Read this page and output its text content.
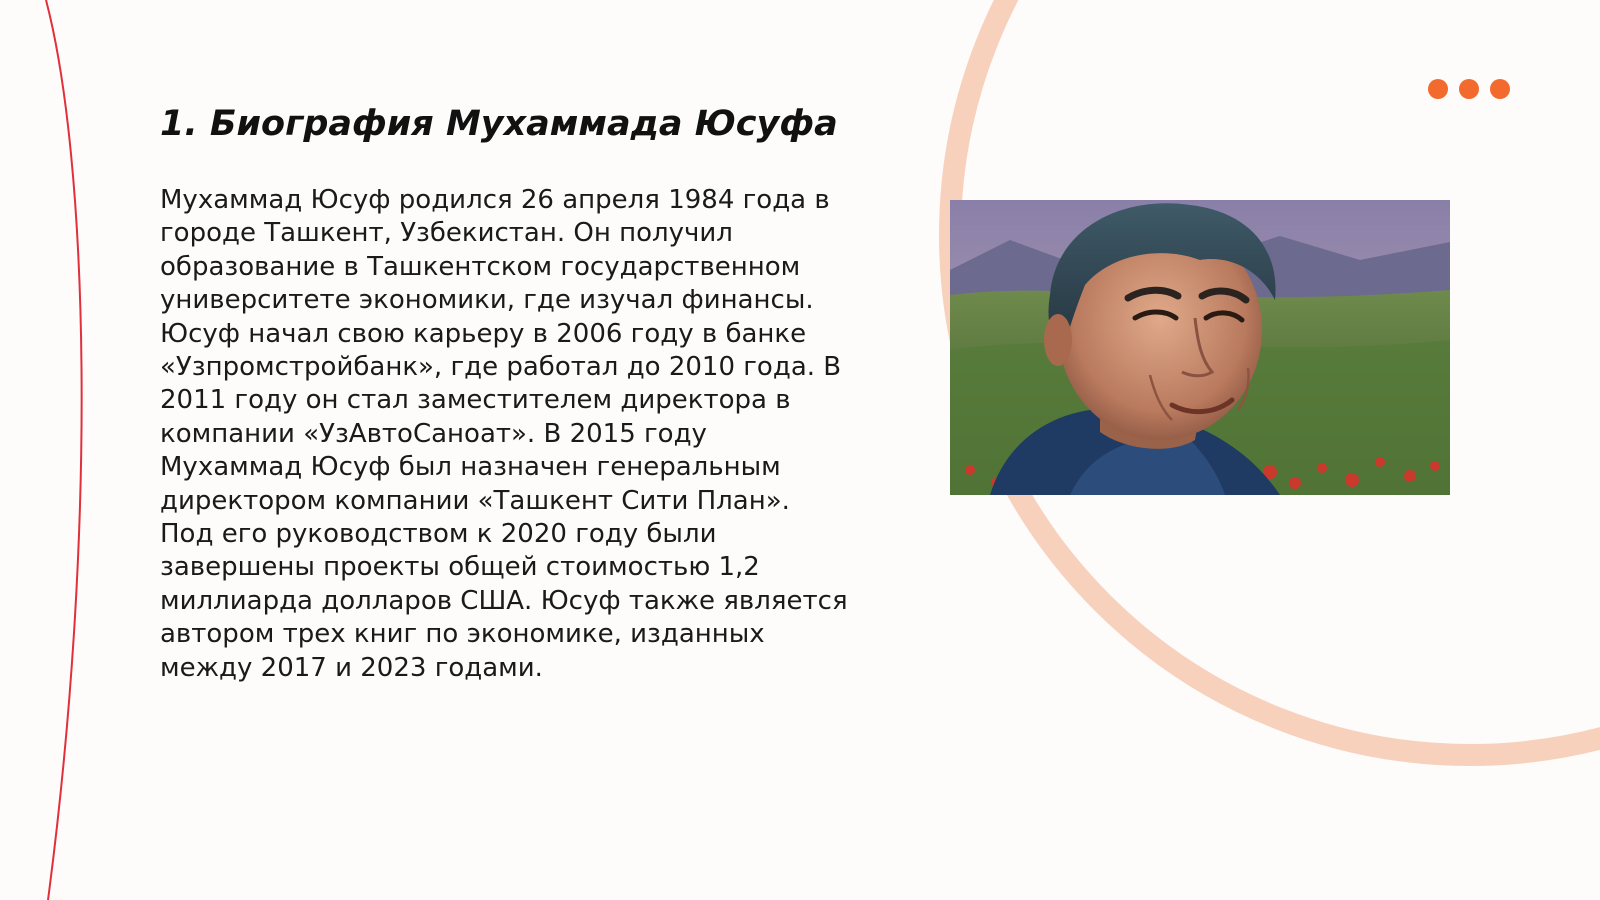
1. Биография Мухаммада Юсуфа

Мухаммад Юсуф родился 26 апреля 1984 года в городе Ташкент, Узбекистан. Он получил образование в Ташкентском государственном университете экономики, где изучал финансы. Юсуф начал свою карьеру в 2006 году в банке «Узпромстройбанк», где работал до 2010 года. В 2011 году он стал заместителем директора в компании «УзАвтоСаноат». В 2015 году Мухаммад Юсуф был назначен генеральным директором компании «Ташкент Сити План». Под его руководством к 2020 году были завершены проекты общей стоимостью 1,2 миллиарда долларов США. Юсуф также является автором трех книг по экономике, изданных между 2017 и 2023 годами.
